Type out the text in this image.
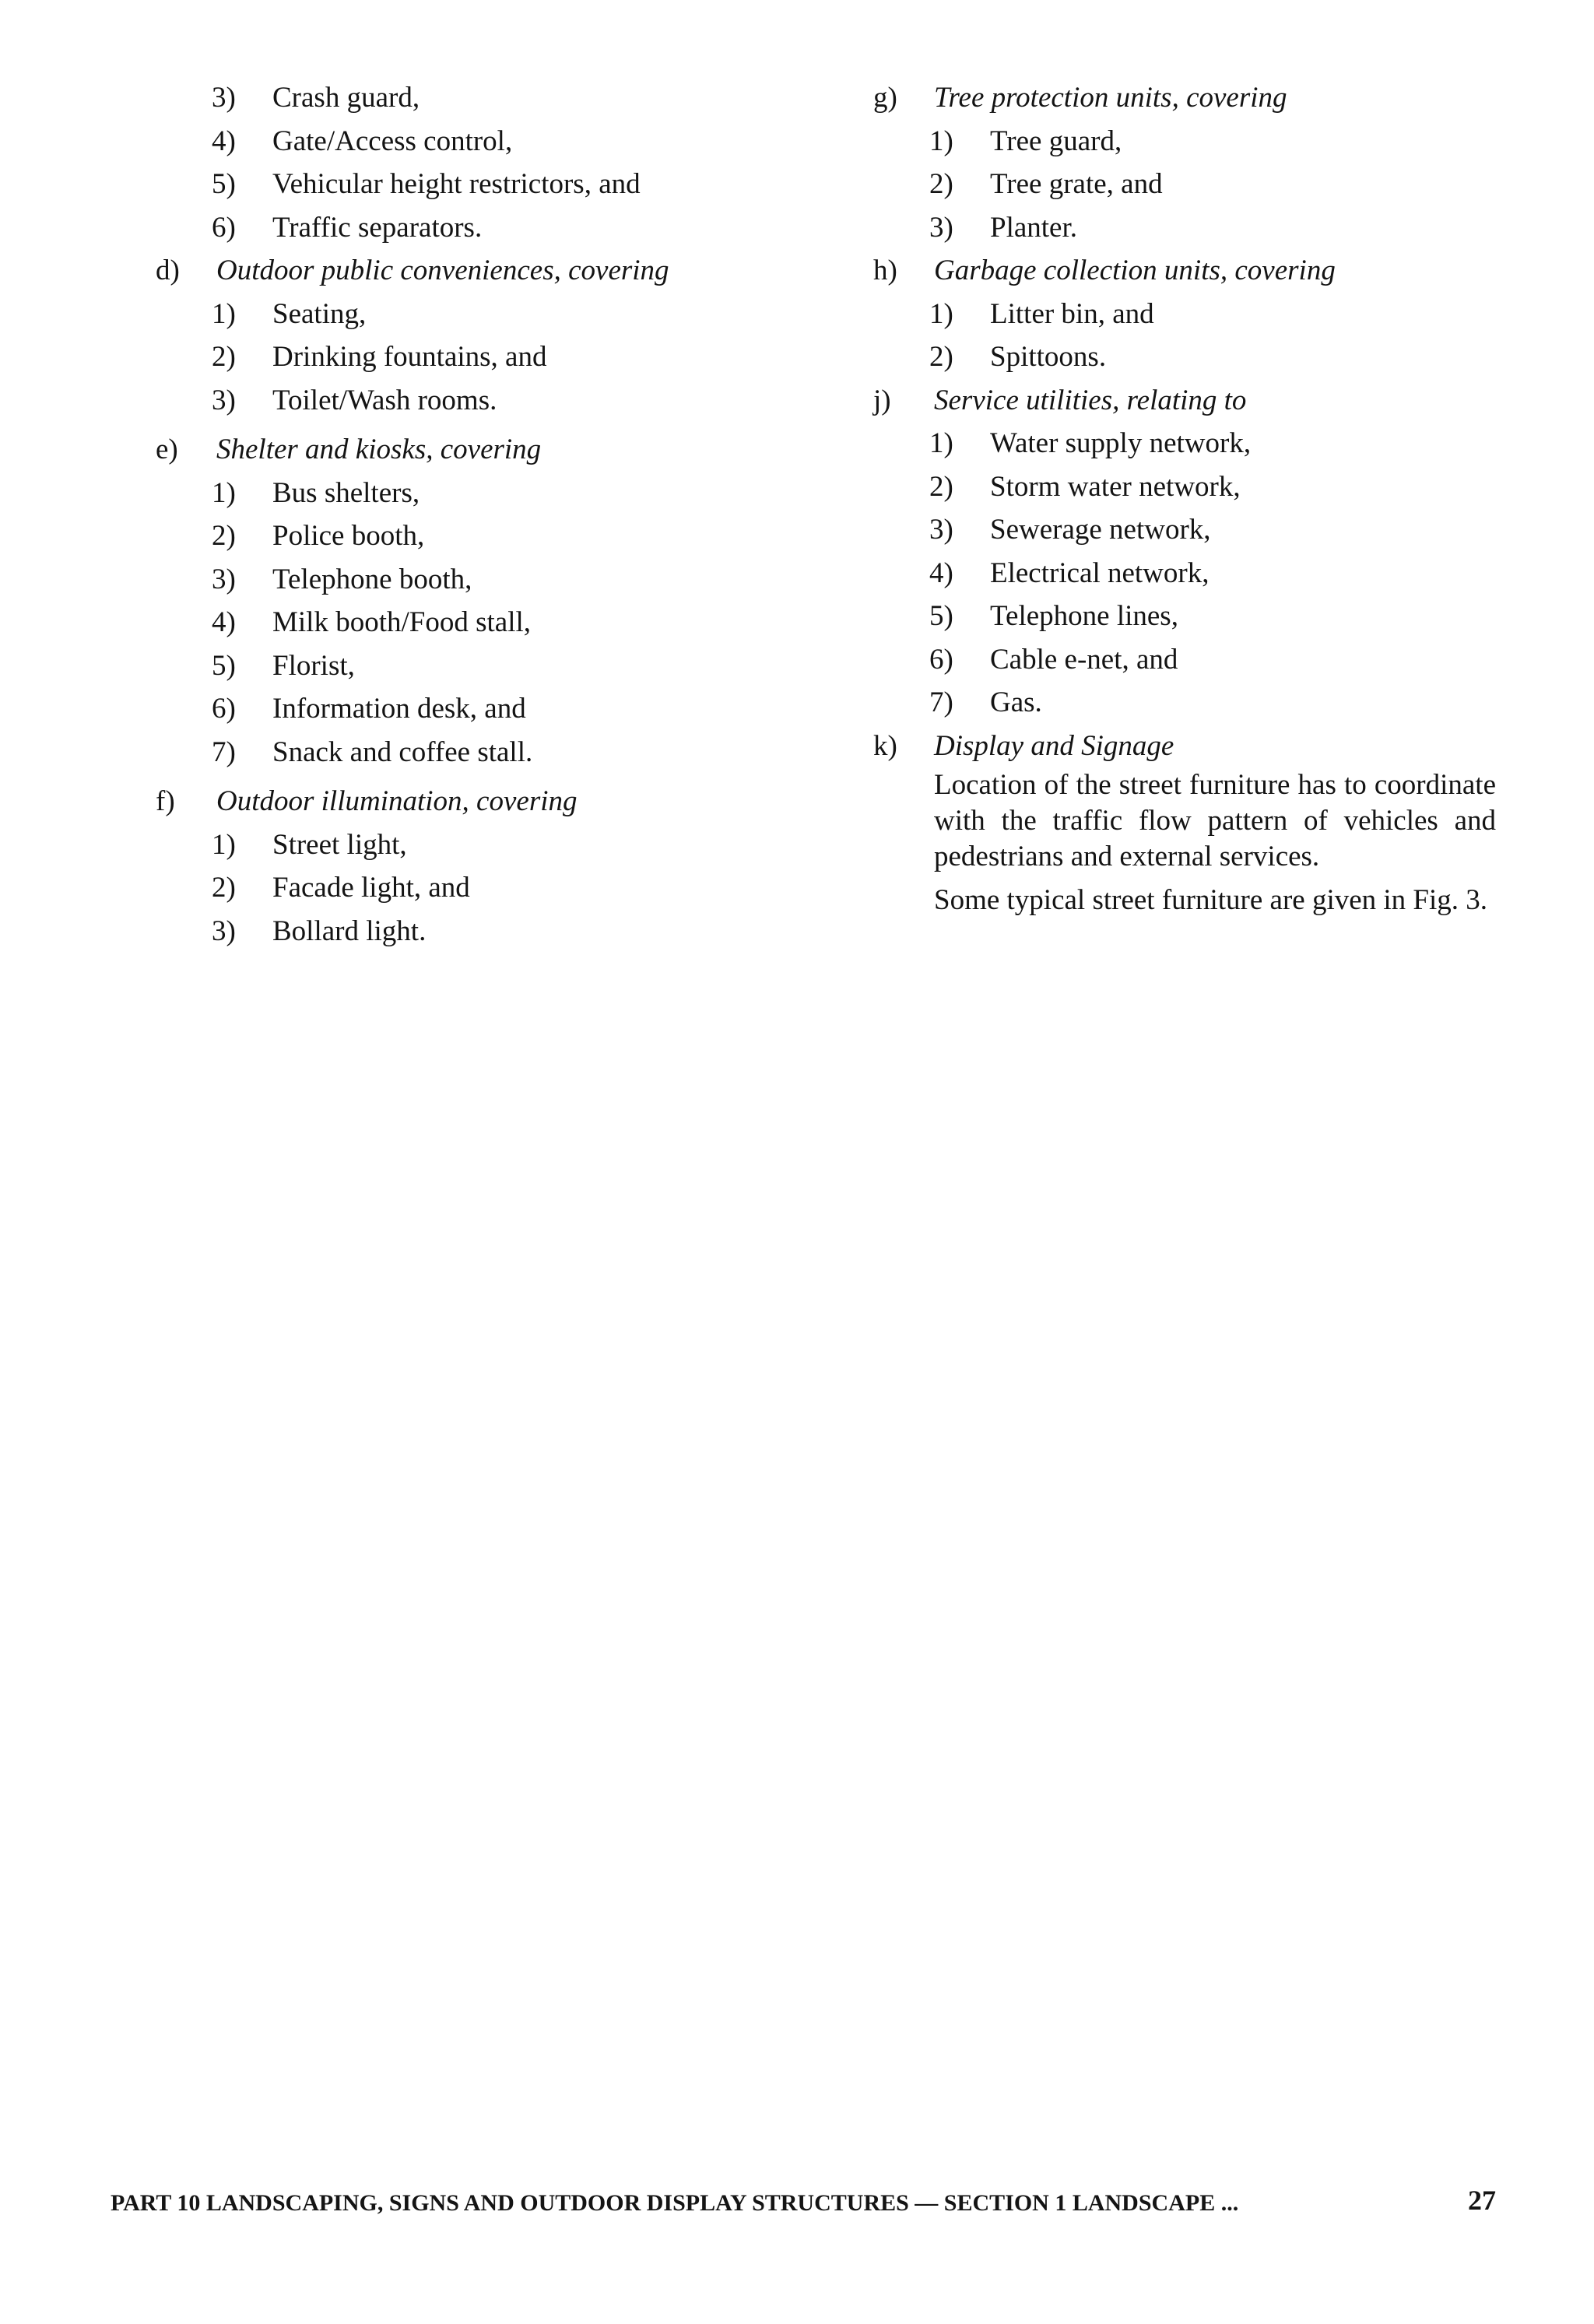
3) Crash guard,
4) Gate/Access control,
5) Vehicular height restrictors, and
6) Traffic separators.
d) Outdoor public conveniences, covering
1) Seating,
2) Drinking fountains, and
3) Toilet/Wash rooms.
e) Shelter and kiosks, covering
1) Bus shelters,
2) Police booth,
3) Telephone booth,
4) Milk booth/Food stall,
5) Florist,
6) Information desk, and
7) Snack and coffee stall.
f) Outdoor illumination, covering
1) Street light,
2) Facade light, and
3) Bollard light.
g) Tree protection units, covering
1) Tree guard,
2) Tree grate, and
3) Planter.
h) Garbage collection units, covering
1) Litter bin, and
2) Spittoons.
j) Service utilities, relating to
1) Water supply network,
2) Storm water network,
3) Sewerage network,
4) Electrical network,
5) Telephone lines,
6) Cable e-net, and
7) Gas.
k) Display and Signage
Location of the street furniture has to coordinate with the traffic flow pattern of vehicles and pedestrians and external services.
Some typical street furniture are given in Fig. 3.
PART 10 LANDSCAPING, SIGNS AND OUTDOOR DISPLAY STRUCTURES — SECTION 1 LANDSCAPE ...	27
